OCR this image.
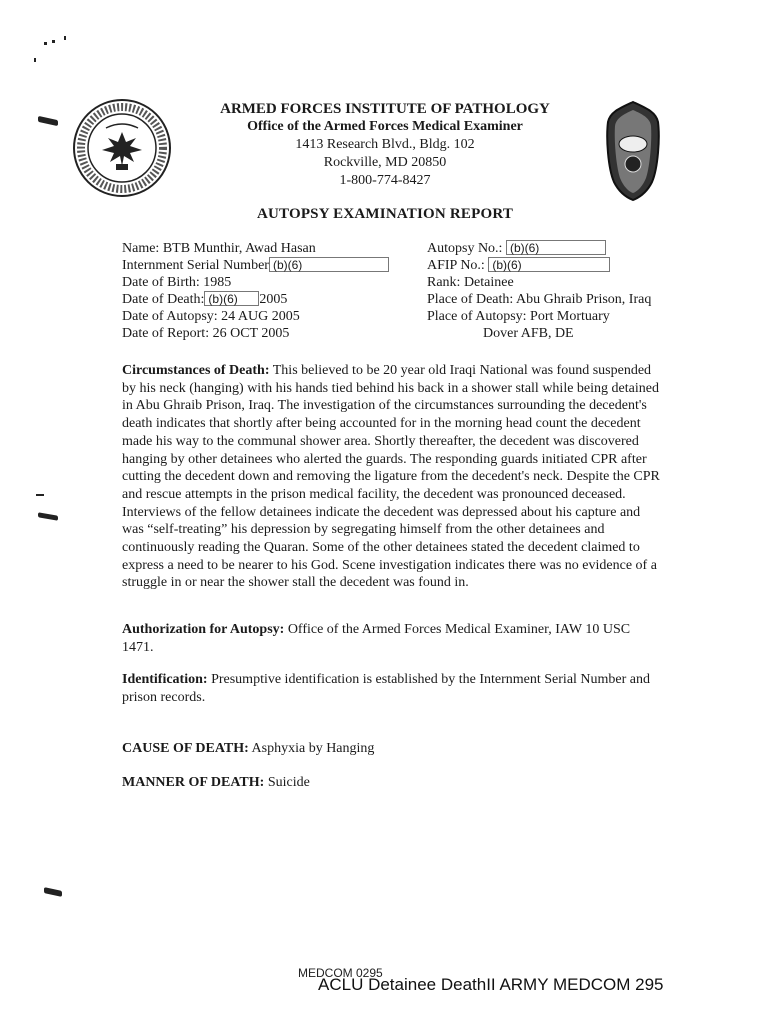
ARMED FORCES INSTITUTE OF PATHOLOGY
Office of the Armed Forces Medical Examiner
1413 Research Blvd., Bldg. 102
Rockville, MD 20850
1-800-774-8427
AUTOPSY EXAMINATION REPORT
Name: BTB Munthir, Awad Hasan
Internment Serial Number (b)(6)
Date of Birth: 1985
Date of Death: (b)(6) 2005
Date of Autopsy: 24 AUG 2005
Date of Report: 26 OCT 2005
Autopsy No.: (b)(6)
AFIP No.: (b)(6)
Rank: Detainee
Place of Death: Abu Ghraib Prison, Iraq
Place of Autopsy: Port Mortuary
Dover AFB, DE
Circumstances of Death: This believed to be 20 year old Iraqi National was found suspended by his neck (hanging) with his hands tied behind his back in a shower stall while being detained in Abu Ghraib Prison, Iraq. The investigation of the circumstances surrounding the decedent's death indicates that shortly after being accounted for in the morning head count the decedent made his way to the communal shower area. Shortly thereafter, the decedent was discovered hanging by other detainees who alerted the guards. The responding guards initiated CPR after cutting the decedent down and removing the ligature from the decedent's neck. Despite the CPR and rescue attempts in the prison medical facility, the decedent was pronounced deceased. Interviews of the fellow detainees indicate the decedent was depressed about his capture and was “self-treating” his depression by segregating himself from the other detainees and continuously reading the Quaran. Some of the other detainees stated the decedent claimed to express a need to be nearer to his God. Scene investigation indicates there was no evidence of a struggle in or near the shower stall the decedent was found in.
Authorization for Autopsy: Office of the Armed Forces Medical Examiner, IAW 10 USC 1471.
Identification: Presumptive identification is established by the Internment Serial Number and prison records.
CAUSE OF DEATH: Asphyxia by Hanging
MANNER OF DEATH: Suicide
MEDCOM 0295
ACLU Detainee DeathII ARMY MEDCOM 295
